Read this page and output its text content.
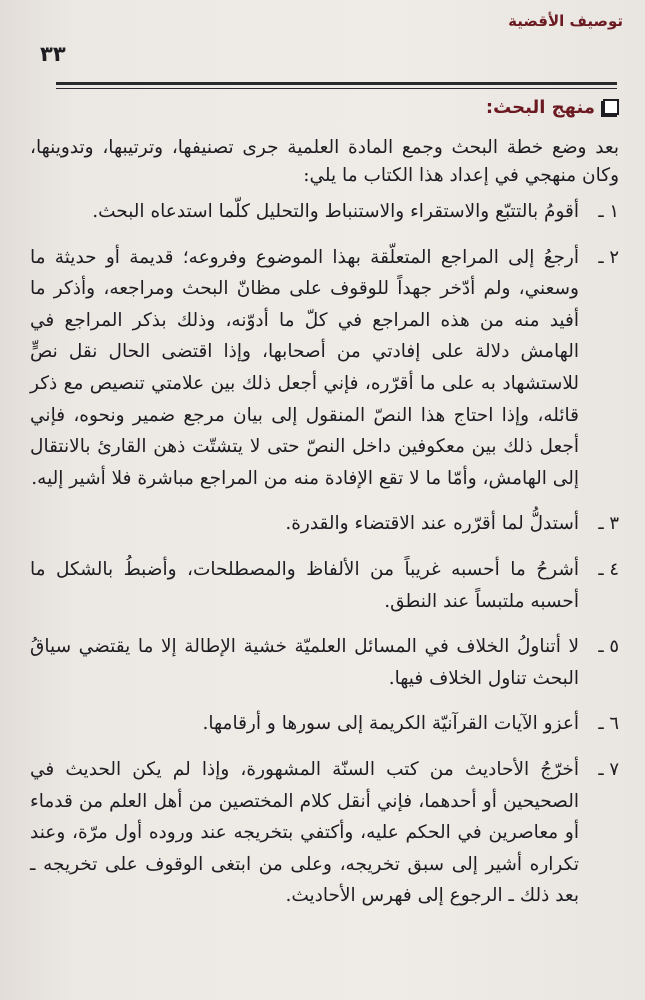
توصيف الأقضية
٣٣
منهج البحث:

بعد وضع خطة البحث وجمع المادة العلمية جرى تصنيفها، وترتيبها، وتدوينها، وكان منهجي في إعداد هذا الكتاب ما يلي:

١ ـ
أقومُ بالتتبّع والاستقراء والاستنباط والتحليل كلّما استدعاه البحث.
٢ ـ
أرجعُ إلى المراجع المتعلّقة بهذا الموضوع وفروعه؛ قديمة أو حديثة ما وسعني، ولم أدّخر جهداً للوقوف على مظانّ البحث ومراجعه، وأذكر ما أفيد منه من هذه المراجع في كلّ ما أدوّنه، وذلك بذكر المراجع في الهامش دلالة على إفادتي من أصحابها، وإذا اقتضى الحال نقل نصٍّ للاستشهاد به على ما أقرّره، فإني أجعل ذلك بين علامتي تنصيص مع ذكر قائله، وإذا احتاج هذا النصّ المنقول إلى بيان مرجع ضمير ونحوه، فإني أجعل ذلك بين معكوفين داخل النصّ حتى لا يتشتّت ذهن القارئ بالانتقال إلى الهامش، وأمّا ما لا تقع الإفادة منه من المراجع مباشرة فلا أشير إليه.
٣ ـ
أستدلُّ لما أقرّره عند الاقتضاء والقدرة.
٤ ـ
أشرحُ ما أحسبه غريباً من الألفاظ والمصطلحات، وأضبطُ بالشكل ما أحسبه ملتبساً عند النطق.
٥ ـ
لا أتناولُ الخلاف في المسائل العلميّة خشية الإطالة إلا ما يقتضي سياقُ البحث تناول الخلاف فيها.
٦ ـ
أعزو الآيات القرآنيّة الكريمة إلى سورها و أرقامها.
٧ ـ
أخرّجُ الأحاديث من كتب السنّة المشهورة، وإذا لم يكن الحديث في الصحيحين أو أحدهما، فإني أنقل كلام المختصين من أهل العلم من قدماء أو معاصرين في الحكم عليه، وأكتفي بتخريجه عند وروده أول مرّة، وعند تكراره أشير إلى سبق تخريجه، وعلى من ابتغى الوقوف على تخريجه ـ بعد ذلك ـ الرجوع إلى فهرس الأحاديث.
